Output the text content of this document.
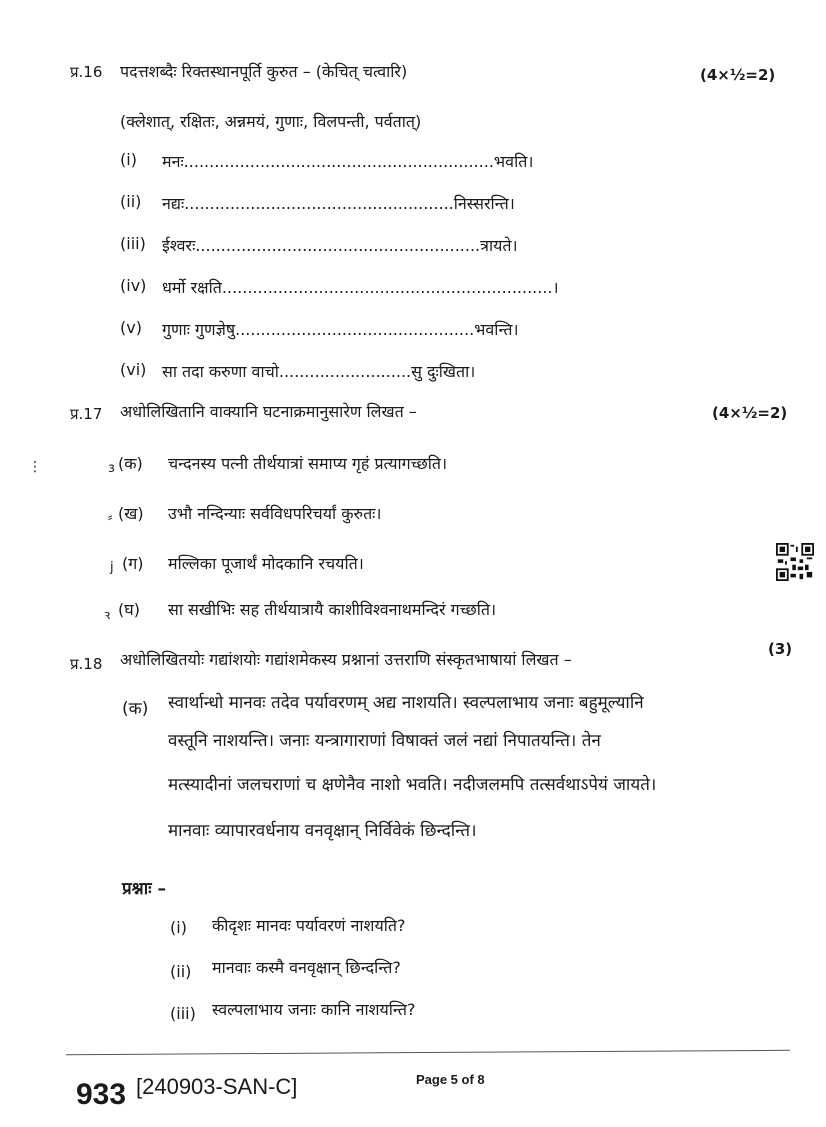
प्र.16 पदत्तशब्दैः रिक्तस्थानपूर्ति कुरुत – (केचित् चत्वारि)	(4×½=2)
(क्लेशात्, रक्षितः, अन्नमयं, गुणाः, विलपन्ती, पर्वतात्)
(i) मनः.............................................................भवति।
(ii) नद्यः.....................................................निस्सरन्ति।
(iii) ईश्वरः........................................................त्रायते।
(iv) धर्मो रक्षति.................................................................।
(v) गुणाः गुणज्ञेषु...............................................भवन्ति।
(vi) सा तदा करुणा वाचो..........................सु दुःखिता।
प्र.17 अधोलिखितानि वाक्यानि घटनाक्रमानुसारेण लिखत –	(4×½=2)
⋮	ɜ (क) चन्दनस्य पत्नी तीर्थयात्रां समाप्य गृहं प्रत्यागच्छति।
⸗ (ख) उभौ नन्दिन्याः सर्वविधपरिचर्यां कुरुतः।
j (ग) मल्लिका पूजार्थं मोदकानि रचयति।
ꝛ (घ) सा सखीभिः सह तीर्थयात्रायै काशीविश्वनाथमन्दिरं गच्छति।
प्र.18 अधोलिखितयोः गद्यांशयोः गद्यांशमेकस्य प्रश्नानां उत्तराणि संस्कृतभाषायां लिखत –
(3)
(क) स्वार्थान्धो मानवः तदेव पर्यावरणम् अद्य नाशयति। स्वल्पलाभाय जनाः बहुमूल्यानि
वस्तूनि नाशयन्ति। जनाः यन्त्रागाराणां विषाक्तं जलं नद्यां निपातयन्ति। तेन
मत्स्यादीनां जलचराणां च क्षणेनैव नाशो भवति। नदीजलमपि तत्सर्वथाऽपेयं जायते।
मानवाः व्यापारवर्धनाय वनवृक्षान् निर्विवेकं छिन्दन्ति।
प्रश्नाः –
(i) कीदृशः मानवः पर्यावरणं नाशयति?
(ii) मानवाः कस्मै वनवृक्षान् छिन्दन्ति?
(iii) स्वल्पलाभाय जनाः कानि नाशयन्ति?
933 [240903-SAN-C]	Page 5 of 8
